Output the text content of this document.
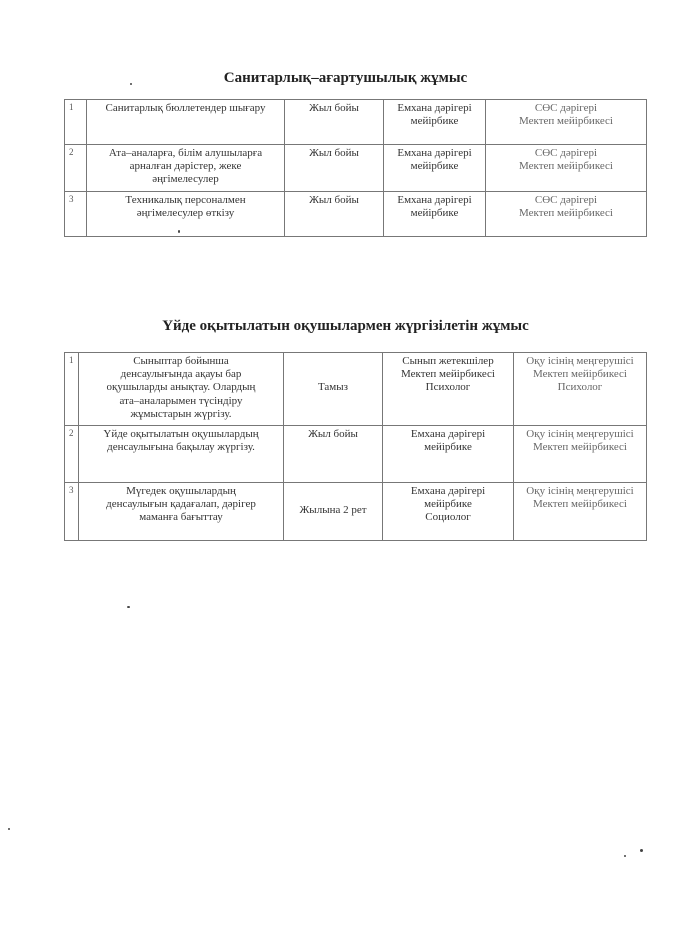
Санитарлық–ағартушылық жұмыс
1	Санитарлық бюллетендер шығару	Жыл бойы	Емхана дәрігері
мейірбике	СӨС дәрігері
Мектеп мейірбикесі

2	Ата–аналарға, білім алушыларға
арналған дәрістер, жеке
әңгімелесулер	Жыл бойы	Емхана дәрігері
мейірбике	СӨС дәрігері
Мектеп мейірбикесі

3	Техникалық персоналмен
әңгімелесулер өткізу	Жыл бойы	Емхана дәрігері
мейірбике	СӨС дәрігері
Мектеп мейірбикесі
Үйде оқытылатын оқушылармен жүргізілетін жұмыс
1	Сыныптар бойынша
денсаулығында ақауы бар
оқушыларды анықтау. Олардың
ата–аналарымен түсіндіру
жұмыстарын жүргізу.	Тамыз	Сынып жетекшілер
Мектеп мейірбикесі
Психолог	Оқу ісінің меңгерушісі
Мектеп мейірбикесі
Психолог

2	Үйде оқытылатын оқушылардың
денсаулығына бақылау жүргізу.	Жыл бойы	Емхана дәрігері
мейірбике	Оқу ісінің меңгерушісі
Мектеп мейірбикесі

3	Мүгедек оқушылардың
денсаулығын қадағалап, дәрігер
маманға бағыттау	Жылына 2 рет	Емхана дәрігері
мейірбике
Социолог	Оқу ісінің меңгерушісі
Мектеп мейірбикесі
